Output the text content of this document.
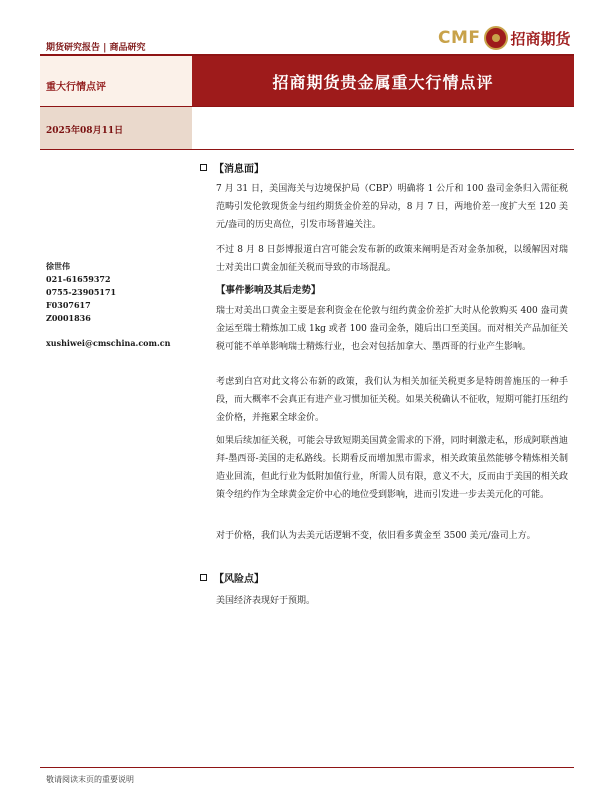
期货研究报告 | 商品研究	CMF 招商期货
重大行情点评	招商期货贵金属重大行情点评
2025年08月11日
徐世伟
021-61659372
0755-23905171
F0307617
Z0001836
xushiwei@cmschina.com.cn
【消息面】

7 月 31 日，美国海关与边境保护局（CBP）明确将 1 公斤和 100 盎司金条归入需征税范畴引发伦敦现货金与纽约期货金价差的异动，8 月 7 日，两地价差一度扩大至 120 美元/盎司的历史高位，引发市场普遍关注。

不过 8 月 8 日彭博报道白宫可能会发布新的政策来阐明是否对金条加税，以缓解因对瑞士对美出口黄金加征关税而导致的市场混乱。

【事件影响及其后走势】

瑞士对美出口黄金主要是套利资金在伦敦与纽约黄金价差扩大时从伦敦购买 400 盎司黄金运至瑞士精炼加工成 1kg 或者 100 盎司金条，随后出口至美国。而对相关产品加征关税可能不单单影响瑞士精炼行业，也会对包括加拿大、墨西哥的行业产生影响。

考虑到白宫对此文将公布新的政策，我们认为相关加征关税更多是特朗普施压的一种手段，而大概率不会真正有进产业习惯加征关税。如果关税确认不征收，短期可能打压纽约金价格，并拖累全球金价。

如果后续加征关税，可能会导致短期美国黄金需求的下滑，同时刺激走私，形成阿联酋迪拜-墨西哥-美国的走私路线。长期看反而增加黑市需求，相关政策虽然能够令精炼相关制造业回流，但此行业为低附加值行业，所需人员有限，意义不大，反而由于美国的相关政策令纽约作为全球黄金定价中心的地位受到影响，进而引发进一步去美元化的可能。

对于价格，我们认为去美元话逻辑不变，依旧看多黄金至 3500 美元/盎司上方。

【风险点】

美国经济表现好于预期。

敬请阅读末页的重要说明
